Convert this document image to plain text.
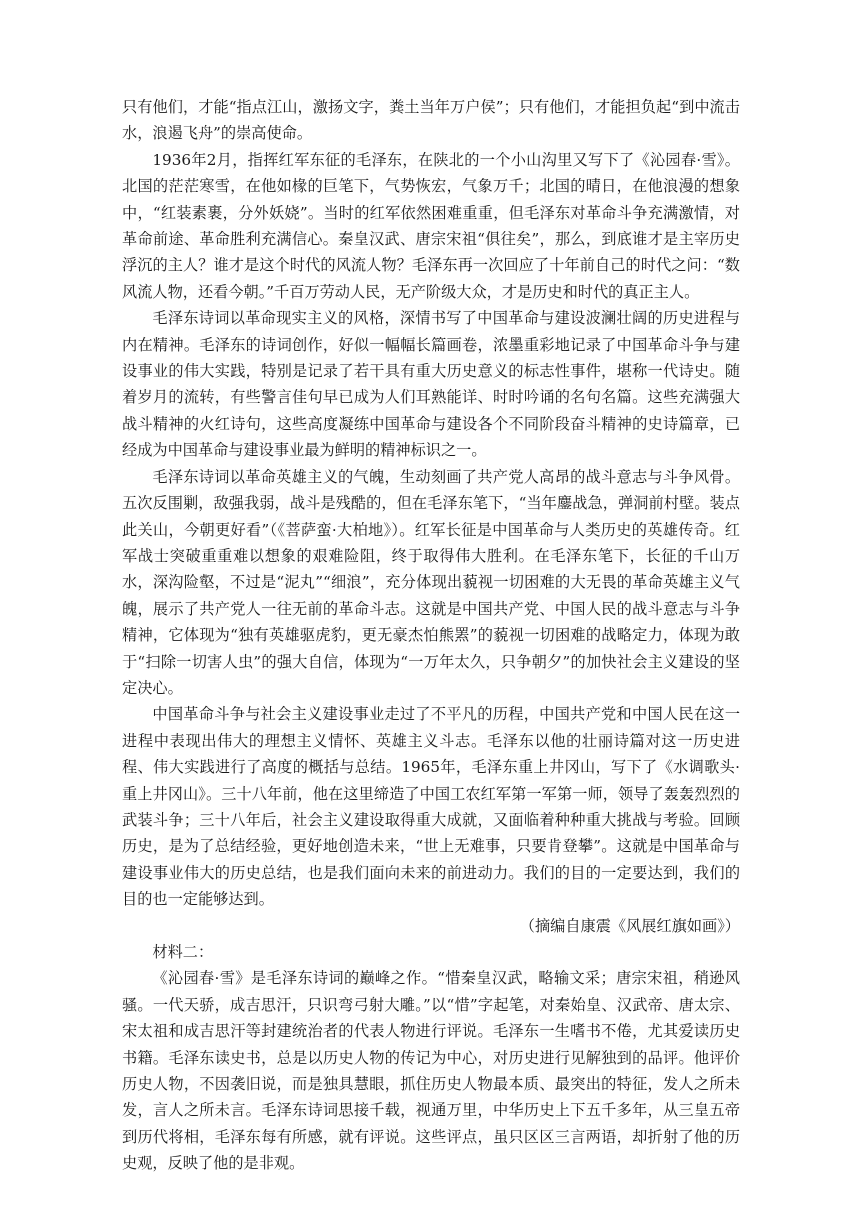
只有他们，才能“指点江山，激扬文字，粪土当年万户侯”；只有他们，才能担负起“到中流击水，浪遏飞舟”的崇高使命。

1936年2月，指挥红军东征的毛泽东，在陕北的一个小山沟里又写下了《沁园春·雪》。北国的茫茫寒雪，在他如椽的巨笔下，气势恢宏，气象万千；北国的晴日，在他浪漫的想象中，“红装素裹，分外妖娆”。当时的红军依然困难重重，但毛泽东对革命斗争充满激情，对革命前途、革命胜利充满信心。秦皇汉武、唐宗宋祖“俱往矣”，那么，到底谁才是主宰历史浮沉的主人？谁才是这个时代的风流人物？毛泽东再一次回应了十年前自己的时代之问：“数风流人物，还看今朝。”千百万劳动人民，无产阶级大众，才是历史和时代的真正主人。

毛泽东诗词以革命现实主义的风格，深情书写了中国革命与建设波澜壮阔的历史进程与内在精神。毛泽东的诗词创作，好似一幅幅长篇画卷，浓墨重彩地记录了中国革命斗争与建设事业的伟大实践，特别是记录了若干具有重大历史意义的标志性事件，堪称一代诗史。随着岁月的流转，有些警言佳句早已成为人们耳熟能详、时时吟诵的名句名篇。这些充满强大战斗精神的火红诗句，这些高度凝练中国革命与建设各个不同阶段奋斗精神的史诗篇章，已经成为中国革命与建设事业最为鲜明的精神标识之一。

毛泽东诗词以革命英雄主义的气魄，生动刻画了共产党人高昂的战斗意志与斗争风骨。五次反围剿，敌强我弱，战斗是残酷的，但在毛泽东笔下，“当年鏖战急，弹洞前村壁。装点此关山，今朝更好看”（《菩萨蛮·大柏地》）。红军长征是中国革命与人类历史的英雄传奇。红军战士突破重重难以想象的艰难险阻，终于取得伟大胜利。在毛泽东笔下，长征的千山万水，深沟险壑，不过是“泥丸”“细浪”，充分体现出藐视一切困难的大无畏的革命英雄主义气魄，展示了共产党人一往无前的革命斗志。这就是中国共产党、中国人民的战斗意志与斗争精神，它体现为“独有英雄驱虎豹，更无豪杰怕熊罴”的藐视一切困难的战略定力，体现为敢于“扫除一切害人虫”的强大自信，体现为“一万年太久，只争朝夕”的加快社会主义建设的坚定决心。

中国革命斗争与社会主义建设事业走过了不平凡的历程，中国共产党和中国人民在这一进程中表现出伟大的理想主义情怀、英雄主义斗志。毛泽东以他的壮丽诗篇对这一历史进程、伟大实践进行了高度的概括与总结。1965年，毛泽东重上井冈山，写下了《水调歌头·重上井冈山》。三十八年前，他在这里缔造了中国工农红军第一军第一师，领导了轰轰烈烈的武装斗争；三十八年后，社会主义建设取得重大成就，又面临着种种重大挑战与考验。回顾历史，是为了总结经验，更好地创造未来，“世上无难事，只要肯登攀”。这就是中国革命与建设事业伟大的历史总结，也是我们面向未来的前进动力。我们的目的一定要达到，我们的目的也一定能够达到。

（摘编自康震《风展红旗如画》）

材料二：

《沁园春·雪》是毛泽东诗词的巅峰之作。“惜秦皇汉武，略输文采；唐宗宋祖，稍逊风骚。一代天骄，成吉思汗，只识弯弓射大雕。”以“惜”字起笔，对秦始皇、汉武帝、唐太宗、宋太祖和成吉思汗等封建统治者的代表人物进行评说。毛泽东一生嗜书不倦，尤其爱读历史书籍。毛泽东读史书，总是以历史人物的传记为中心，对历史进行见解独到的品评。他评价历史人物，不因袭旧说，而是独具慧眼，抓住历史人物最本质、最突出的特征，发人之所未发，言人之所未言。毛泽东诗词思接千载，视通万里，中华历史上下五千多年，从三皇五帝到历代将相，毛泽东每有所感，就有评说。这些评点，虽只区区三言两语，却折射了他的历史观，反映了他的是非观。
